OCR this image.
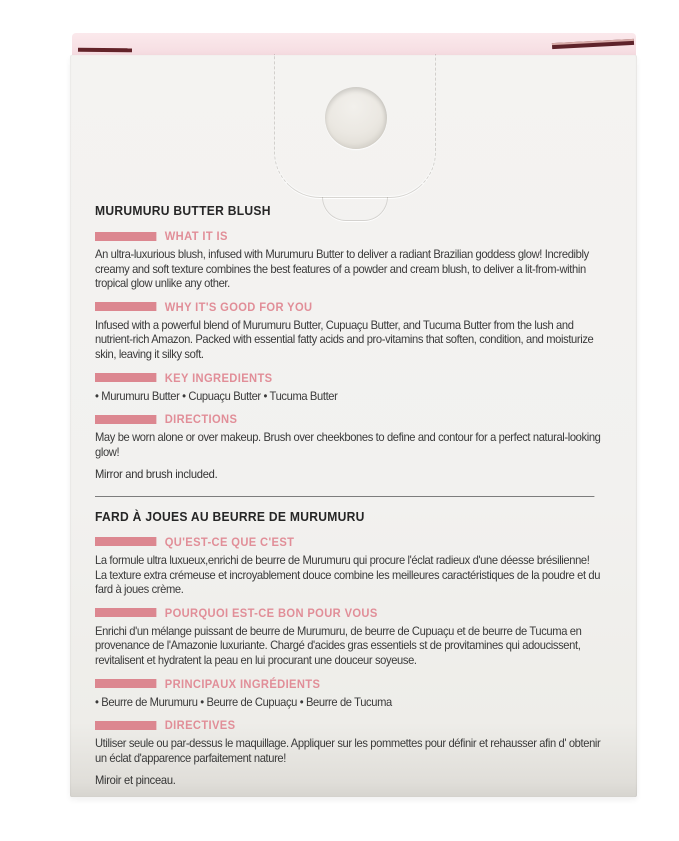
MURUMURU BUTTER BLUSH
WHAT IT IS

An ultra-luxurious blush, infused with Murumuru Butter to deliver a radiant Brazilian goddess glow! Incredibly creamy and soft texture combines the best features of a powder and cream blush, to deliver a lit-from-within tropical glow unlike any other.

WHY IT'S GOOD FOR YOU

Infused with a powerful blend of Murumuru Butter, Cupuaçu Butter, and Tucuma Butter from the lush and nutrient-rich Amazon. Packed with essential fatty acids and pro-vitamins that soften, condition, and moisturize skin, leaving it silky soft.

KEY INGREDIENTS

• Murumuru Butter • Cupuaçu Butter • Tucuma Butter

DIRECTIONS

May be worn alone or over makeup. Brush over cheekbones to define and contour for a perfect natural-looking glow!

Mirror and brush included.

FARD À JOUES AU BEURRE DE MURUMURU
QU'EST-CE QUE C'EST

La formule ultra luxueux,enrichi de beurre de Murumuru qui procure l'éclat radieux d'une déesse brésilienne! La texture extra crémeuse et incroyablement douce combine les meilleures caractéristiques de la poudre et du fard à joues crème.

POURQUOI EST-CE BON POUR VOUS

Enrichi d'un mélange puissant de beurre de Murumuru, de beurre de Cupuaçu et de beurre de Tucuma en provenance de l'Amazonie luxuriante. Chargé d'acides gras essentiels st de provitamines qui adoucissent, revitalisent et hydratent la peau en lui procurant une douceur soyeuse.

PRINCIPAUX INGRÉDIENTS

• Beurre de Murumuru • Beurre de Cupuaçu • Beurre de Tucuma

DIRECTIVES

Utiliser seule ou par-dessus le maquillage. Appliquer sur les pommettes pour définir et rehausser afin d' obtenir un éclat d'apparence parfaitement nature!

Miroir et pinceau.
